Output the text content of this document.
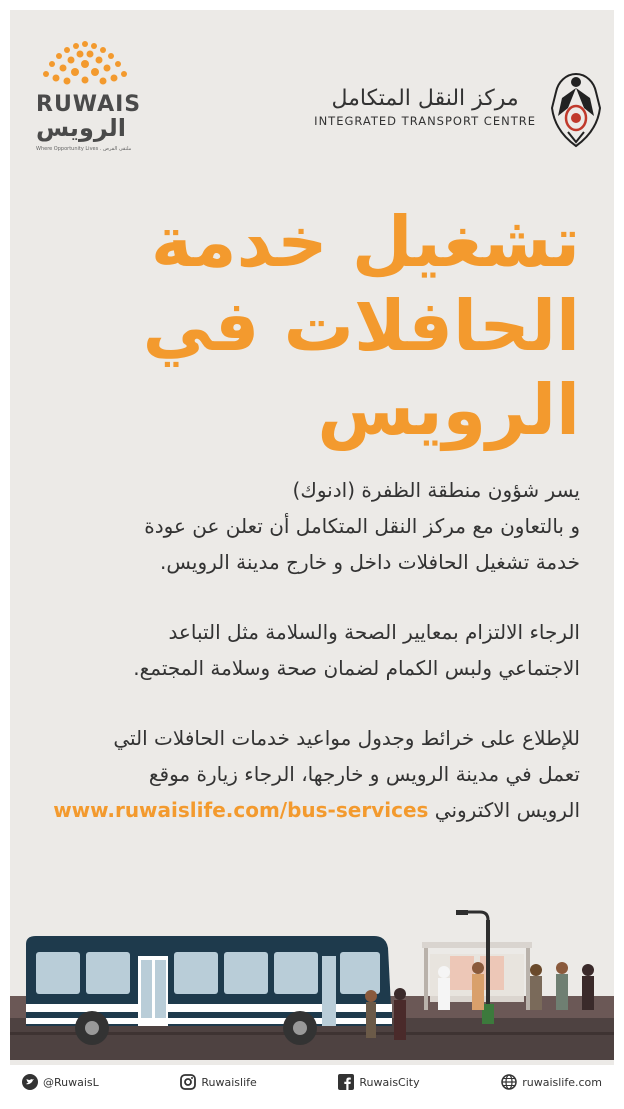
RUWAIS
الرويس
Where Opportunity Lives . ملتقى الفرص
مركز النقل المتكامل
INTEGRATED TRANSPORT CENTRE
تشغيل خدمة
الحافلات في
الرويس
يسر شؤون منطقة الظفرة (ادنوك)
و بالتعاون مع مركز النقل المتكامل أن تعلن عن عودة
خدمة تشغيل الحافلات داخل و خارج مدينة الرويس.
الرجاء الالتزام بمعايير الصحة والسلامة مثل التباعد
الاجتماعي ولبس الكمام لضمان صحة وسلامة المجتمع.
للإطلاع على خرائط وجدول مواعيد خدمات الحافلات التي
تعمل في مدينة الرويس و خارجها، الرجاء زيارة موقع
الرويس الاكتروني www.ruwaislife.com/bus-services
@RuwaisL	Ruwaislife	RuwaisCity	ruwaislife.com
